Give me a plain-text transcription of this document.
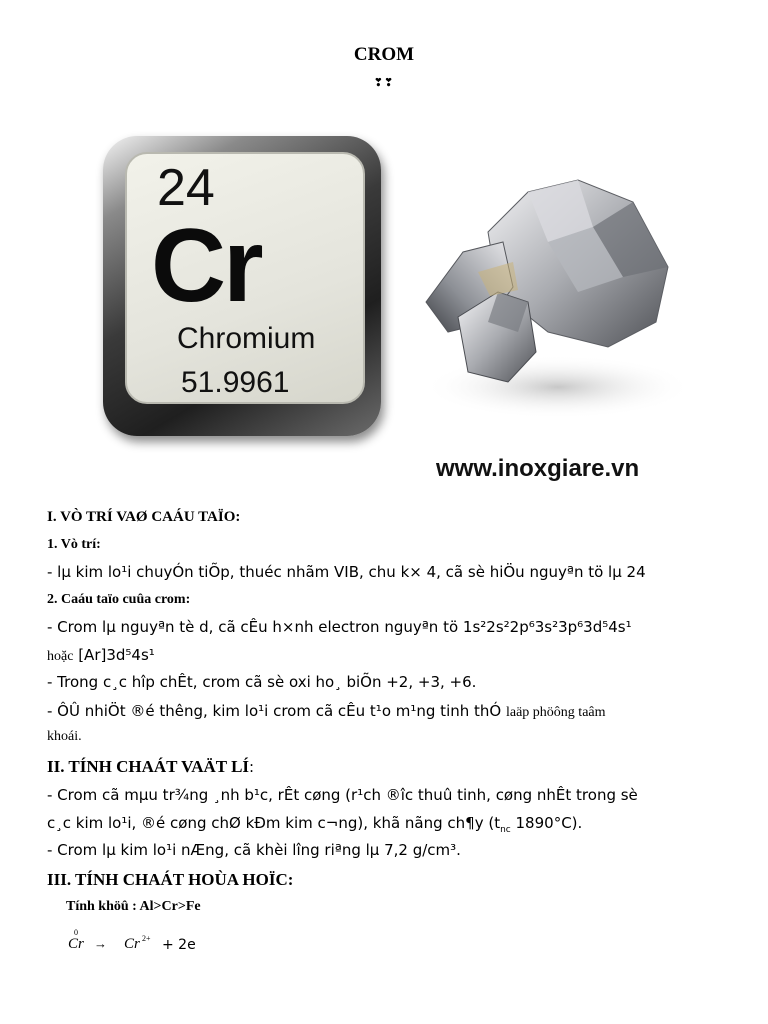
CROM
❣❣
24
Cr
Chromium
51.9961
www.inoxgiare.vn
I. VÒ TRÍ VAØ CAÁU TAÏO:
1. Vò trí:
- lµ kim lo¹i chuyÓn tiÕp, thuéc nhãm VIB, chu k× 4, cã sè hiÖu nguyªn tö lµ 24
2. Caáu taïo cuûa crom:
- Crom lµ nguyªn tè d, cã cÊu h×nh electron nguyªn tö 1s²2s²2p⁶3s²3p⁶3d⁵4s¹
hoặc [Ar]3d⁵4s¹
- Trong c¸c hîp chÊt, crom cã sè oxi ho¸ biÕn +2, +3, +6.
- ÔÛ nhiÖt ®é thêng, kim lo¹i crom cã cÊu t¹o m¹ng tinh thÓ laäp phöông taâm
khoái.
II. TÍNH CHAÁT VAÄT LÍ:
- Crom cã mµu tr¾ng ¸nh b¹c, rÊt cøng (r¹ch ®îc thuû tinh, cøng nhÊt trong sè
c¸c kim lo¹i, ®é cøng chØ kÐm kim c¬ng), khã nãng ch¶y ($t_{nc}$ 1890°C).
- Crom lµ kim lo¹i nÆng, cã khèi lîng riªng lµ 7,2 g/cm³.
III. TÍNH CHAÁT HOÙA HOÏC:
Tính khöû : Al>Cr>Fe
0
Cr → Cr 2+ + 2e
